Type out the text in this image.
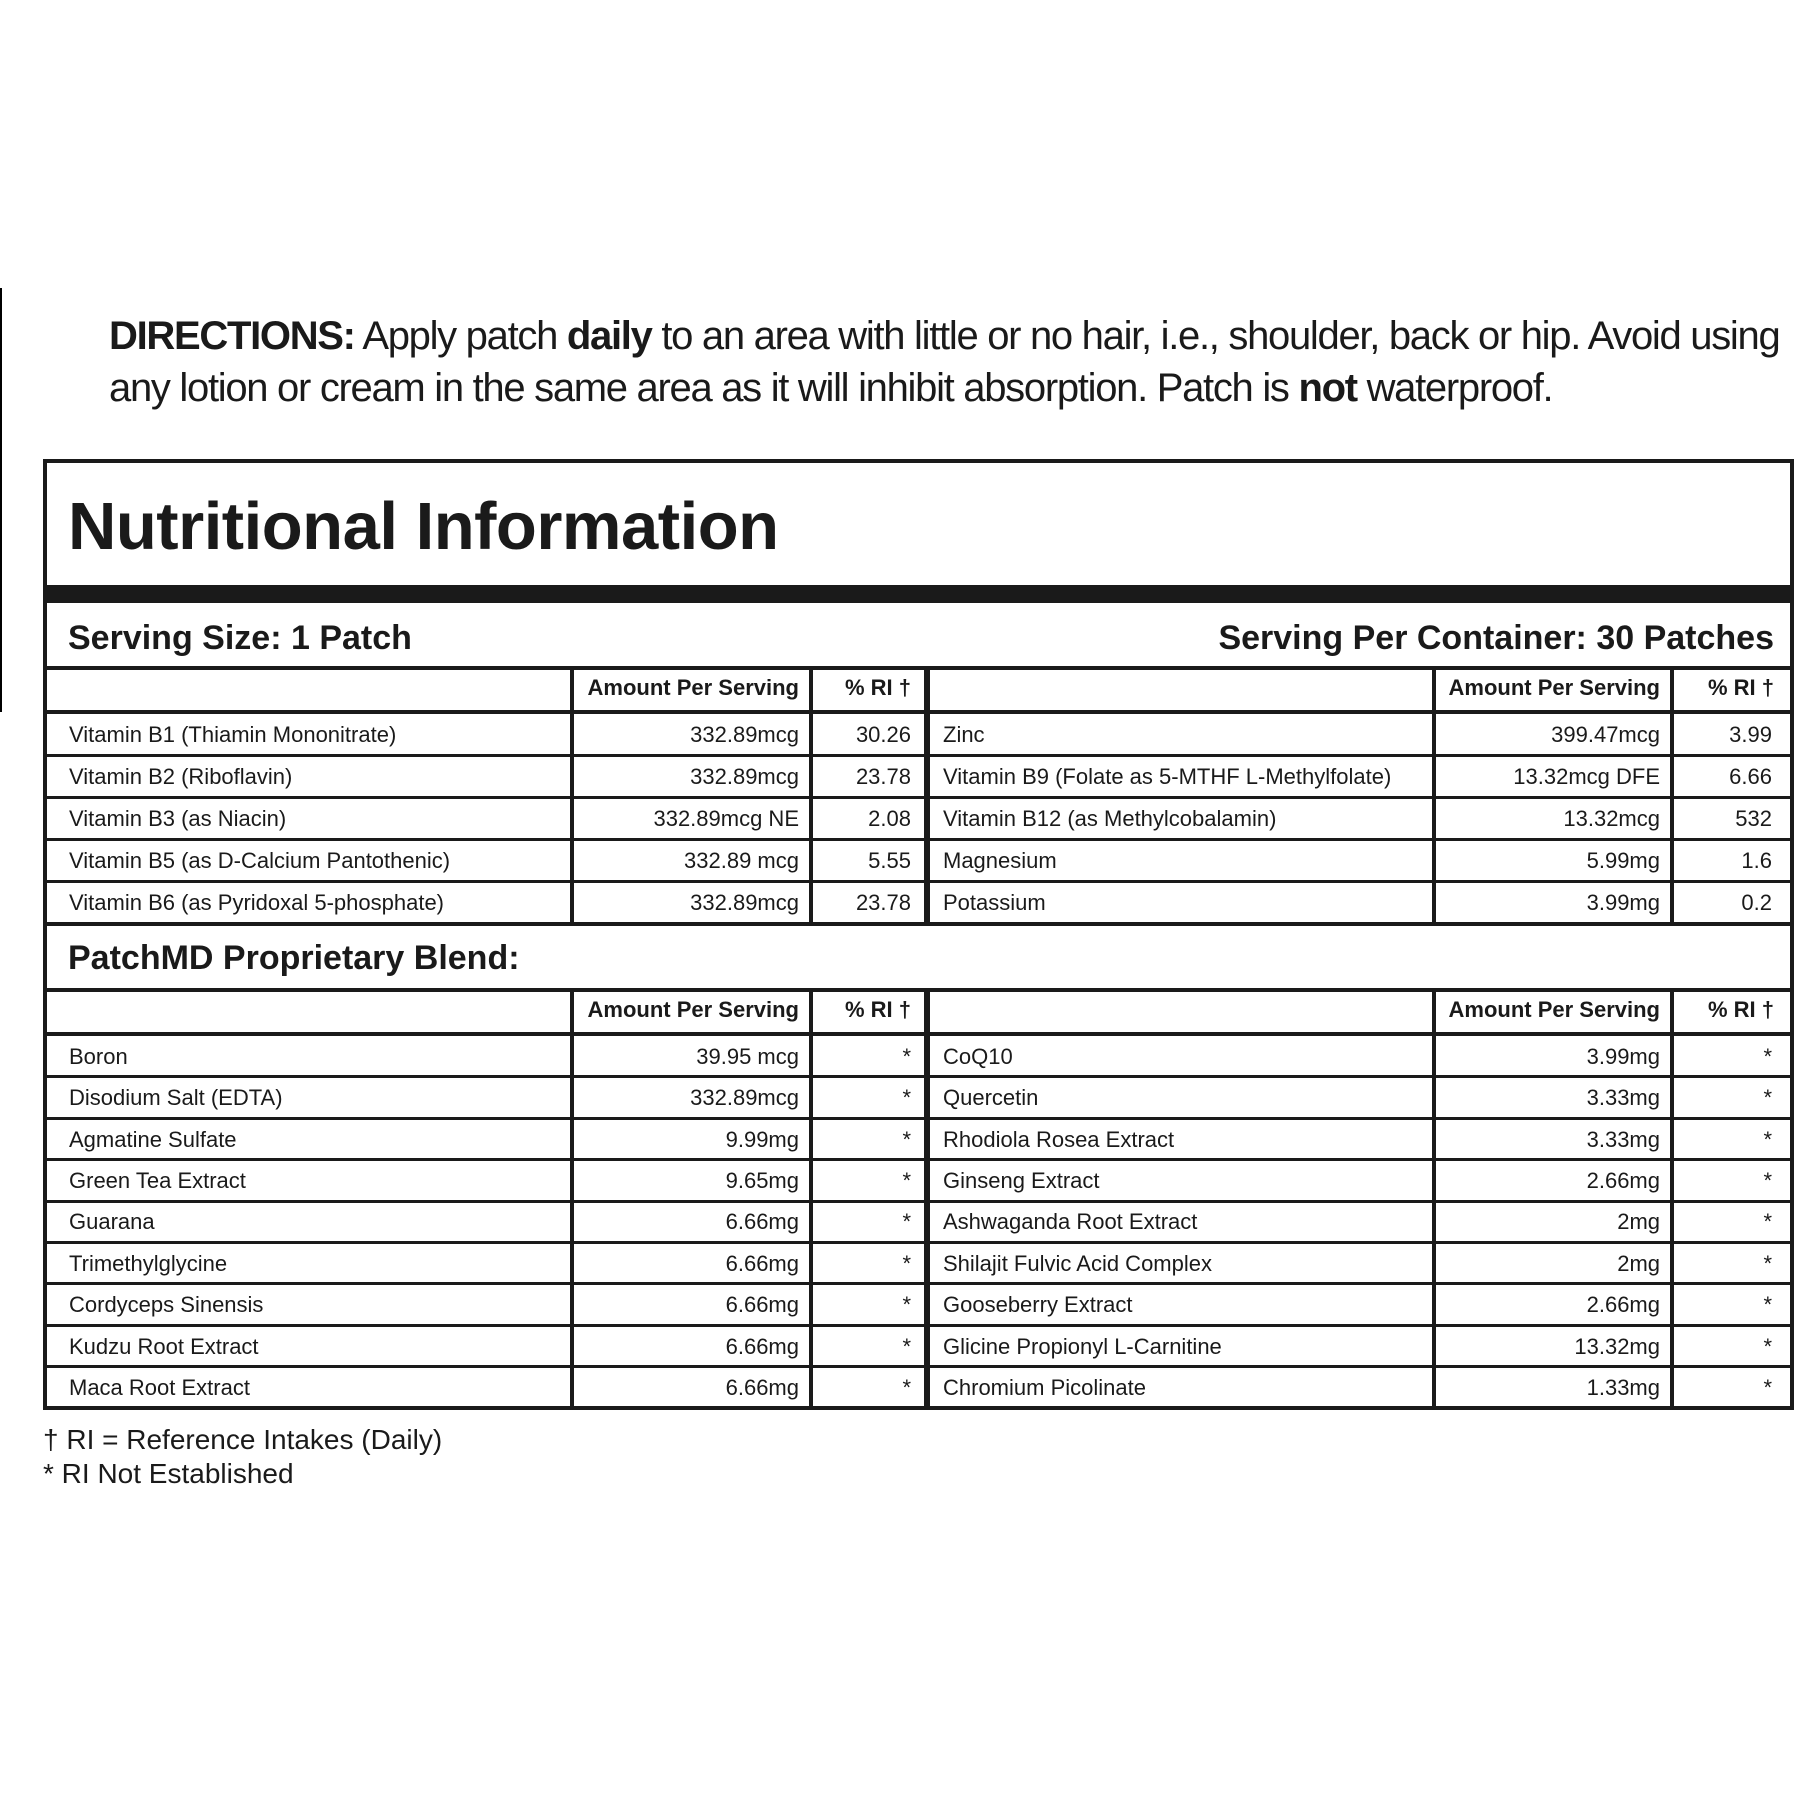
DIRECTIONS: Apply patch daily to an area with little or no hair, i.e., shoulder, back or hip. Avoid using any lotion or cream in the same area as it will inhibit absorption. Patch is not waterproof.
Nutritional Information
Serving Size: 1 Patch	Serving Per Container: 30 Patches
PatchMD Proprietary Blend:
Amount Per Serving	% RI †	Amount Per Serving	% RI †
Vitamin B1 (Thiamin Mononitrate)	332.89mcg	30.26 Zinc	399.47mcg	3.99
Vitamin B2 (Riboflavin)	332.89mcg	23.78 Vitamin B9 (Folate as 5-MTHF L-Methylfolate)	13.32mcg DFE	6.66
Vitamin B3 (as Niacin)	332.89mcg NE	2.08 Vitamin B12 (as Methylcobalamin)	13.32mcg	532
Vitamin B5 (as D-Calcium Pantothenic)	332.89 mcg	5.55 Magnesium	5.99mg	1.6
Vitamin B6 (as Pyridoxal 5-phosphate)	332.89mcg	23.78 Potassium	3.99mg	0.2
Amount Per Serving	% RI †	Amount Per Serving	% RI †
Boron	39.95 mcg	* CoQ10	3.99mg	*
Disodium Salt (EDTA)	332.89mcg	* Quercetin	3.33mg	*
Agmatine Sulfate	9.99mg	* Rhodiola Rosea Extract	3.33mg	*
Green Tea Extract	9.65mg	* Ginseng Extract	2.66mg	*
Guarana	6.66mg	* Ashwaganda Root Extract	2mg	*
Trimethylglycine	6.66mg	* Shilajit Fulvic Acid Complex	2mg	*
Cordyceps Sinensis	6.66mg	* Gooseberry Extract	2.66mg	*
Kudzu Root Extract	6.66mg	* Glicine Propionyl L-Carnitine	13.32mg	*
Maca Root Extract	6.66mg	* Chromium Picolinate	1.33mg	*
† RI = Reference Intakes (Daily)
* RI Not Established
